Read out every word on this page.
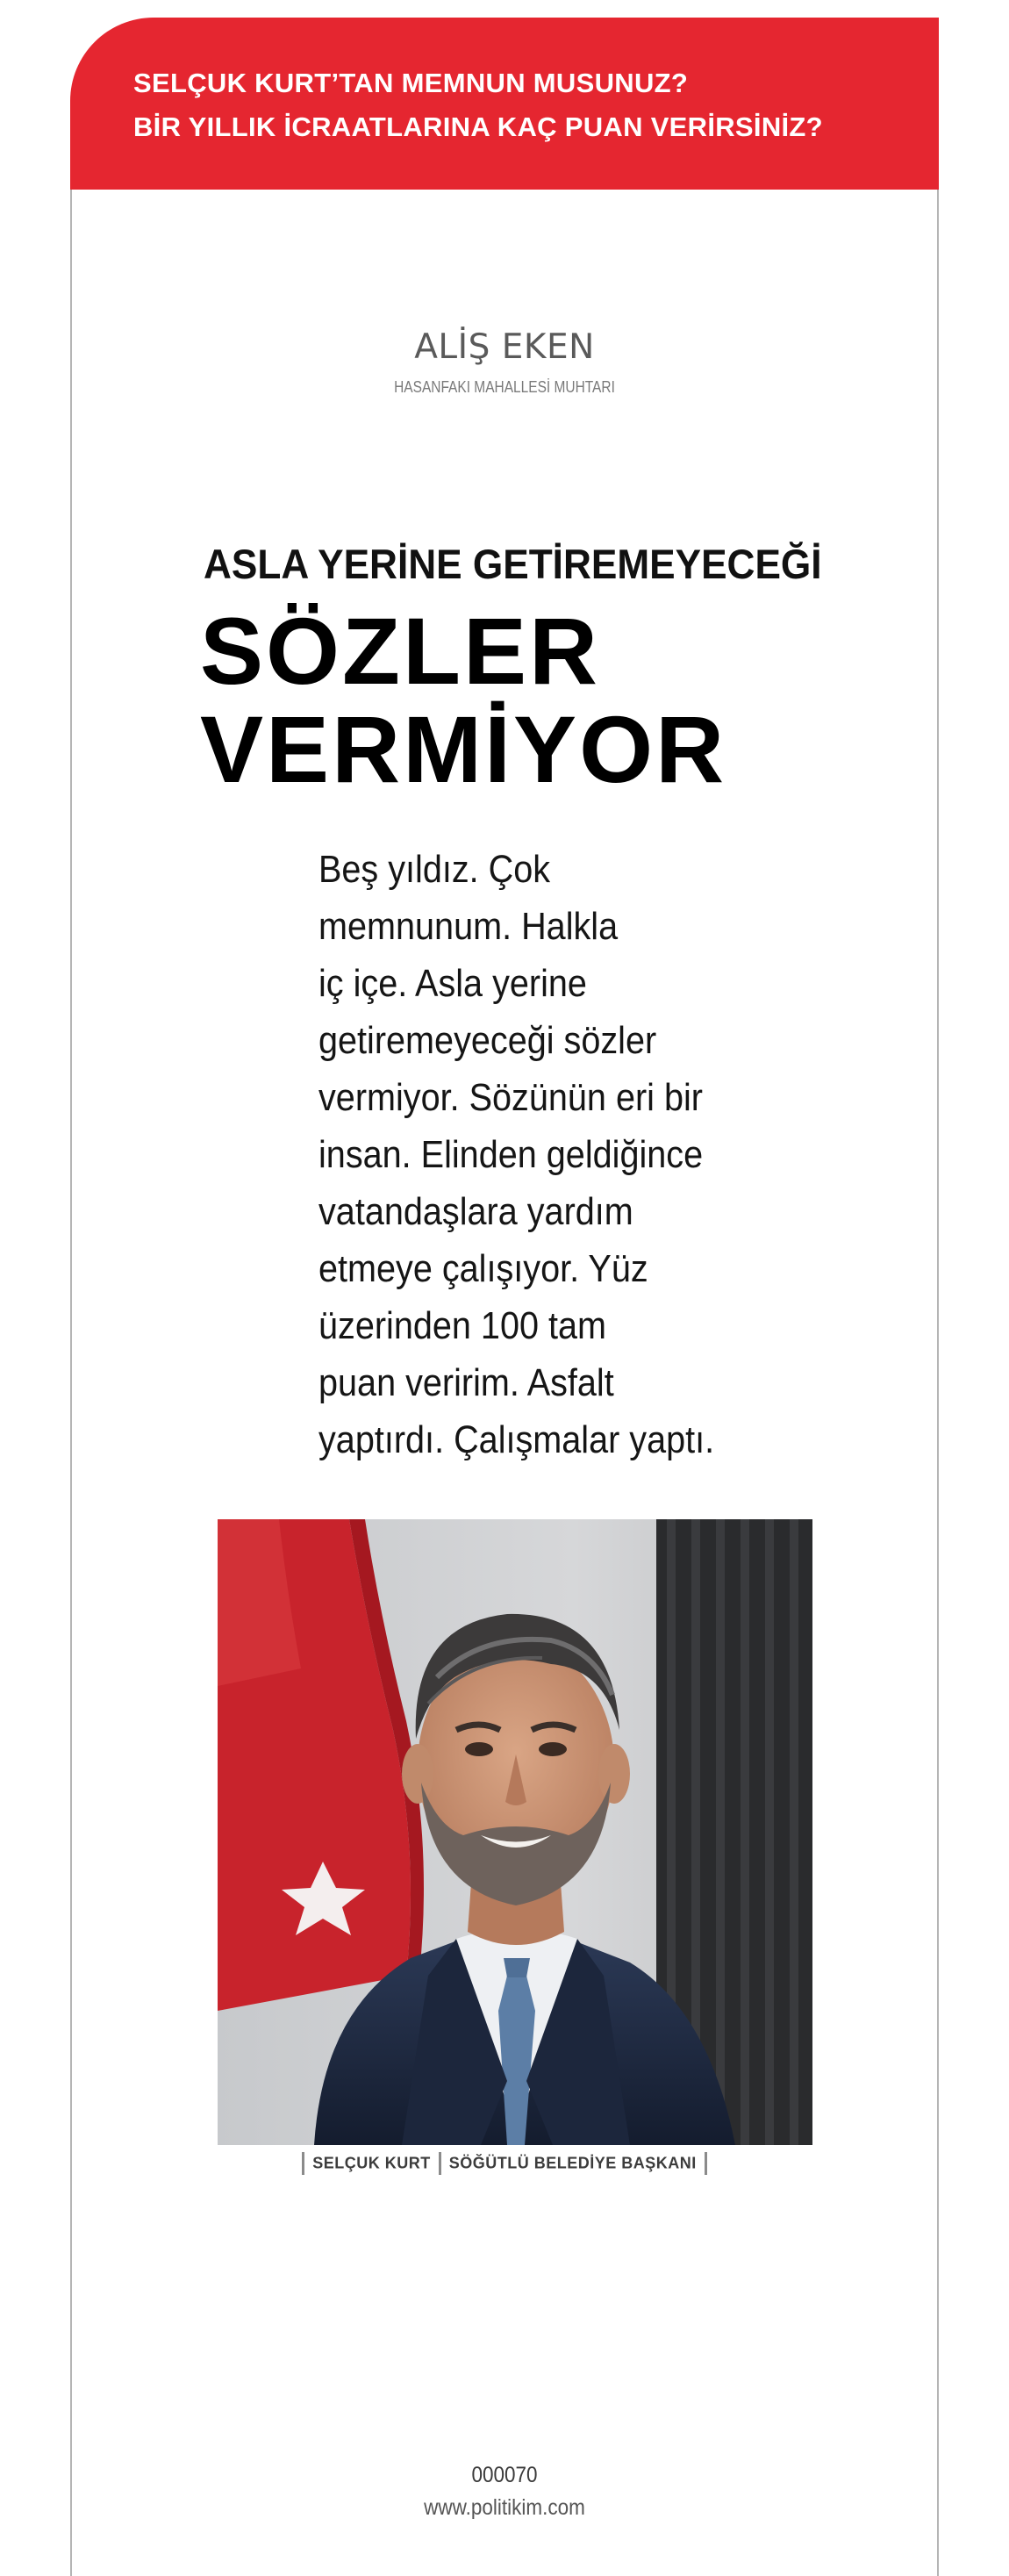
SELÇUK KURT’TAN MEMNUN MUSUNUZ?
BİR YILLIK İCRAATLARINA KAÇ PUAN VERİRSİNİZ?
ALİŞ EKEN
HASANFAKI MAHALLESİ MUHTARI
ASLA YERİNE GETİREMEYECEĞİ
SÖZLER
VERMİYOR
Beş yıldız. Çok
memnunum. Halkla
iç içe. Asla yerine
getiremeyeceği sözler
vermiyor. Sözünün eri bir
insan. Elinden geldiğince
vatandaşlara yardım
etmeye çalışıyor. Yüz
üzerinden 100 tam
puan veririm. Asfalt
yaptırdı. Çalışmalar yaptı.
SELÇUK KURT SÖĞÜTLÜ BELEDİYE BAŞKANI
000070
www.politikim.com
